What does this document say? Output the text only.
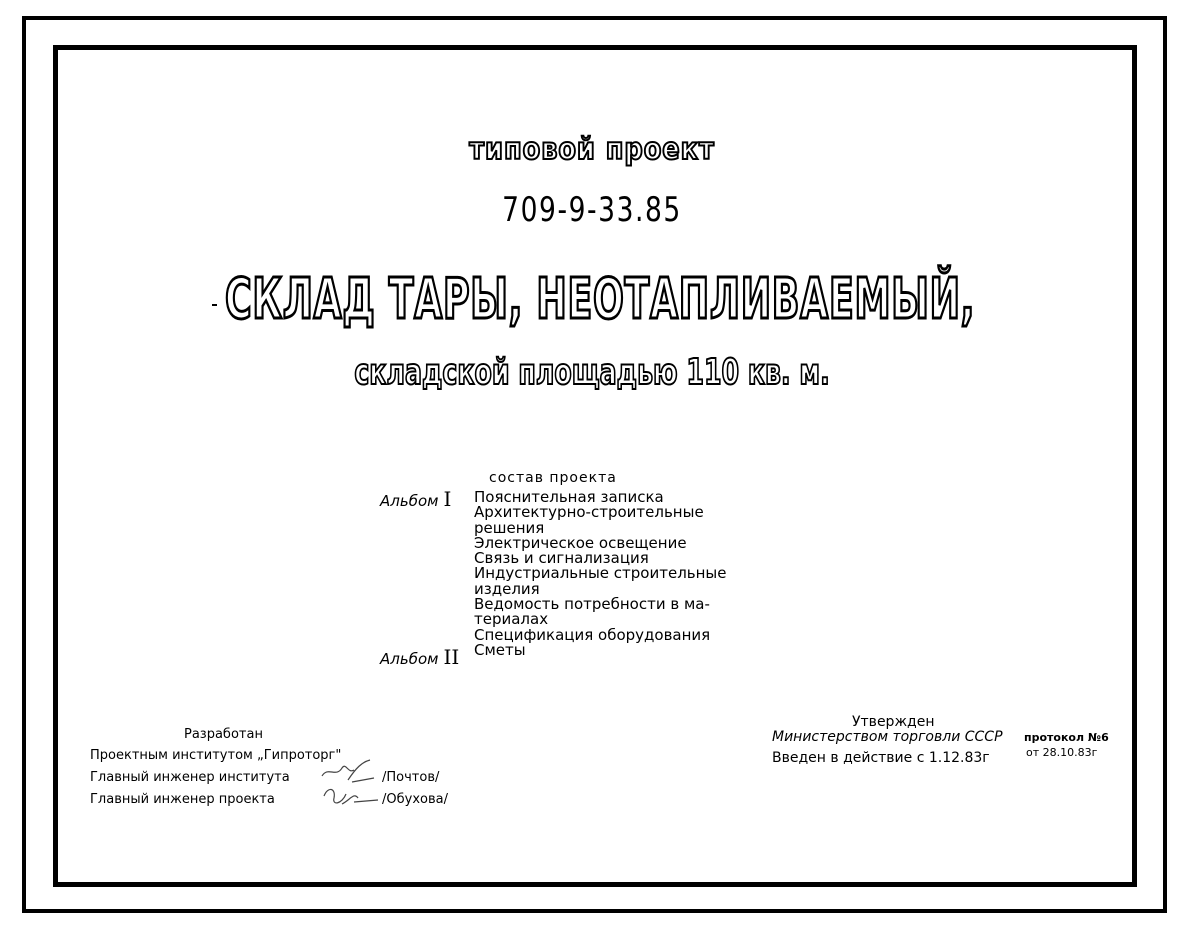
типовой проект
709-9-33.85
СКЛАД ТАРЫ, НЕОТАПЛИВАЕМЫЙ,
складской площадью 110 кв. м.
состав проекта
Альбом I
Альбом II
Пояснительная записка
Архитектурно-строительные
решения
Электрическое освещение
Связь и сигнализация
Индустриальные строительные
изделия
Ведомость потребности в ма-
териалах
Спецификация оборудования
Сметы
Разработан
Проектным институтом „Гипроторг"
Главный инженер института	/Почтов/
Главный инженер проекта	/Обухова/
Утвержден
Министерством торговли СССР протокол №6
от 28.10.83г
Введен в действие с 1.12.83г
